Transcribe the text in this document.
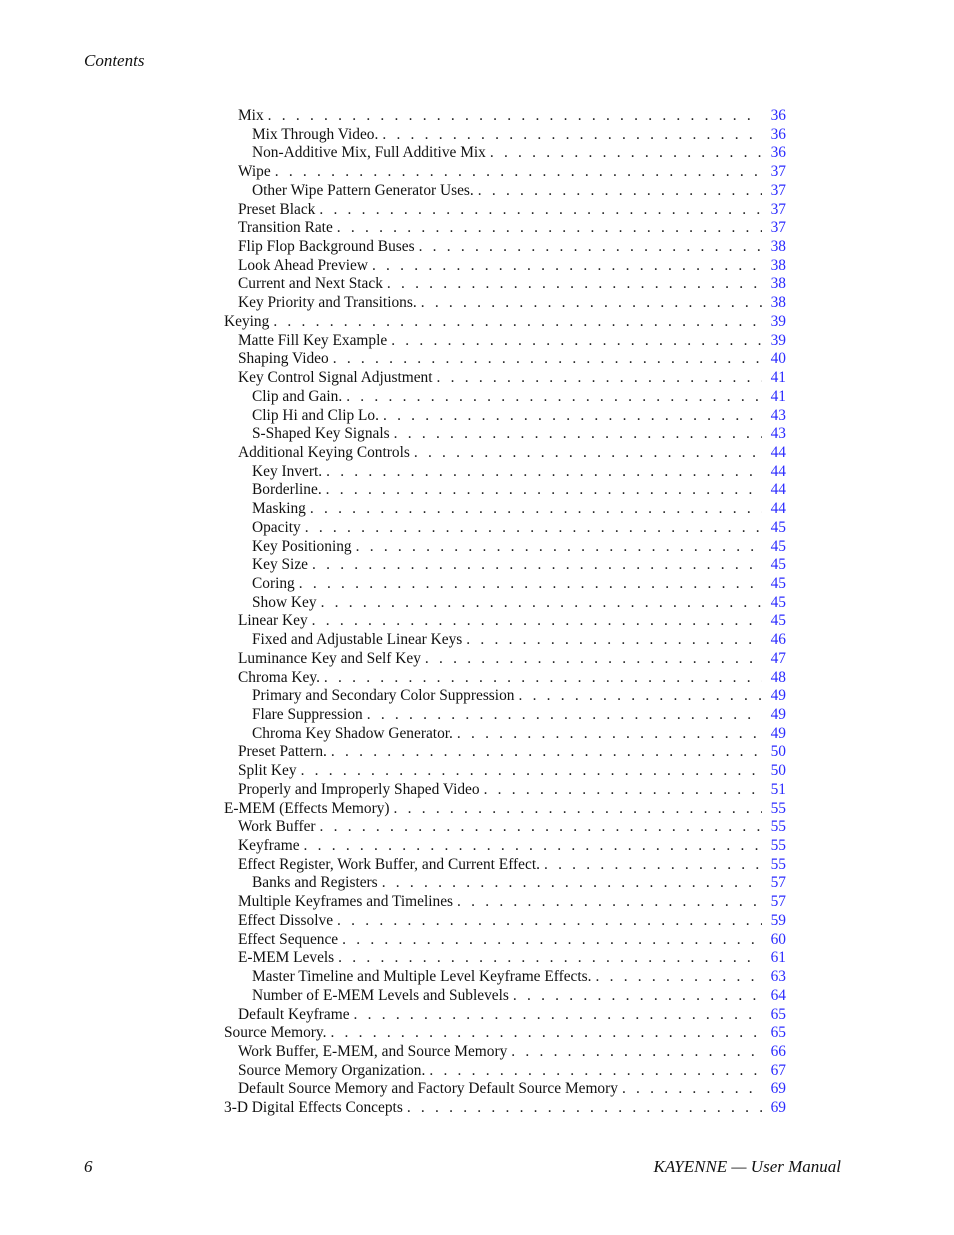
Contents
Mix . . .	36
Mix Through Video. . . .	36
Non-Additive Mix, Full Additive Mix . . .	36
Wipe . . .	37
Other Wipe Pattern Generator Uses. . . .	37
Preset Black . . .	37
Transition Rate . . .	37
Flip Flop Background Buses . . .	38
Look Ahead Preview . . .	38
Current and Next Stack . . .	38
Key Priority and Transitions. . . .	38
Keying . . .	39
Matte Fill Key Example . . .	39
Shaping Video . . .	40
Key Control Signal Adjustment . . .	41
Clip and Gain. . . .	41
Clip Hi and Clip Lo. . . .	43
S-Shaped Key Signals . . .	43
Additional Keying Controls . . .	44
Key Invert. . . .	44
Borderline. . . .	44
Masking . . .	44
Opacity . . .	45
Key Positioning . . .	45
Key Size . . .	45
Coring . . .	45
Show Key . . .	45
Linear Key . . .	45
Fixed and Adjustable Linear Keys . . .	46
Luminance Key and Self Key . . .	47
Chroma Key. . . .	48
Primary and Secondary Color Suppression . . .	49
Flare Suppression . . .	49
Chroma Key Shadow Generator. . . .	49
Preset Pattern. . . .	50
Split Key . . .	50
Properly and Improperly Shaped Video . . .	51
E-MEM (Effects Memory) . . .	55
Work Buffer . . .	55
Keyframe . . .	55
Effect Register, Work Buffer, and Current Effect. . . .	55
Banks and Registers . . .	57
Multiple Keyframes and Timelines . . .	57
Effect Dissolve . . .	59
Effect Sequence . . .	60
E-MEM Levels . . .	61
Master Timeline and Multiple Level Keyframe Effects. . . .	63
Number of E-MEM Levels and Sublevels . . .	64
Default Keyframe . . .	65
Source Memory. . . .	65
Work Buffer, E-MEM, and Source Memory . . .	66
Source Memory Organization. . . .	67
Default Source Memory and Factory Default Source Memory . . .	69
3-D Digital Effects Concepts . . .	69
6	KAYENNE — User Manual
